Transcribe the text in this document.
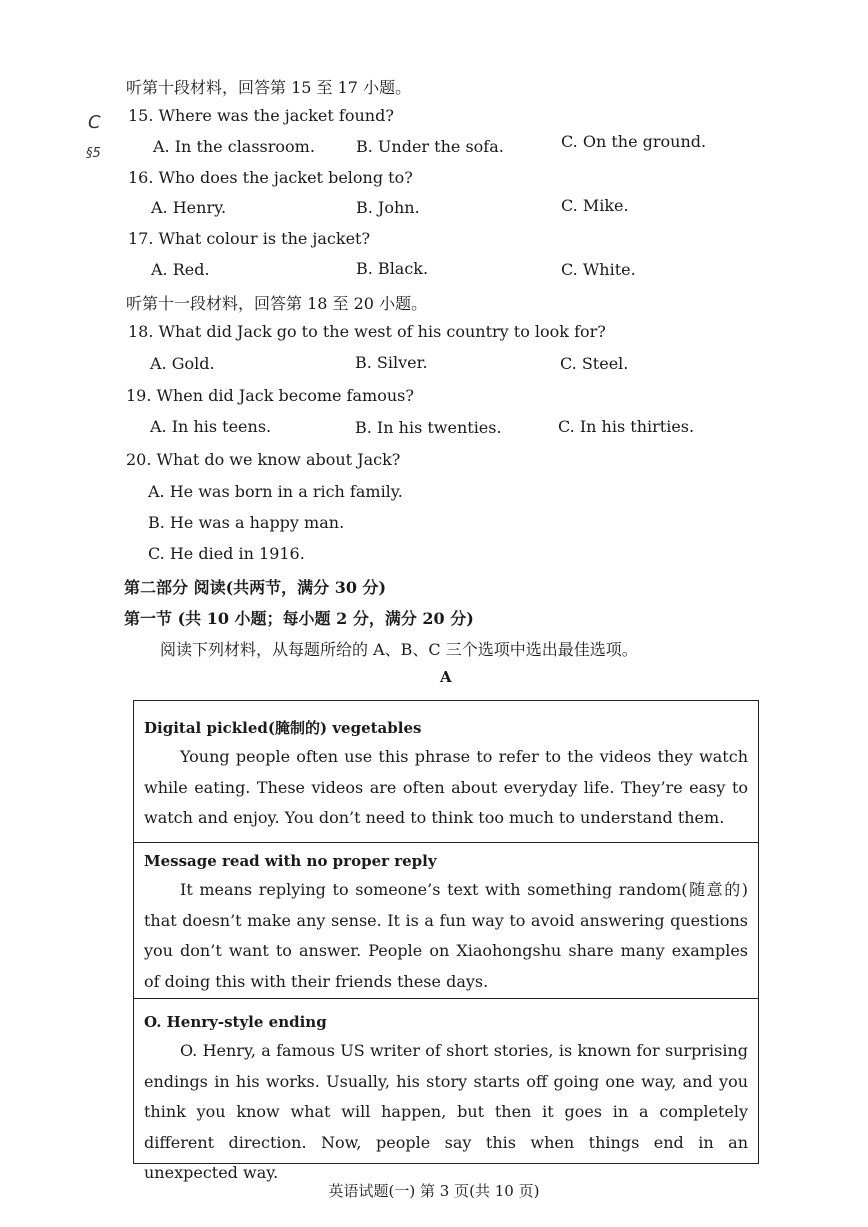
C
§5
听第十段材料，回答第 15 至 17 小题。
15. Where was the jacket found?
A. In the classroom.	B. Under the sofa.	C. On the ground.
16. Who does the jacket belong to?
A. Henry.	B. John.	C. Mike.
17. What colour is the jacket?
A. Red.	B. Black.	C. White.
听第十一段材料，回答第 18 至 20 小题。
18. What did Jack go to the west of his country to look for?
A. Gold.	B. Silver.	C. Steel.
19. When did Jack become famous?
A. In his teens.	B. In his twenties.	C. In his thirties.
20. What do we know about Jack?
A. He was born in a rich family.
B. He was a happy man.
C. He died in 1916.
第二部分 阅读(共两节，满分 30 分)
第一节 (共 10 小题；每小题 2 分，满分 20 分)
阅读下列材料，从每题所给的 A、B、C 三个选项中选出最佳选项。
A
Digital pickled(腌制的) vegetables
Young people often use this phrase to refer to the videos they watch while eating. These videos are often about everyday life. They’re easy to watch and enjoy. You don’t need to think too much to understand them.
Message read with no proper reply
It means replying to someone’s text with something random(随意的) that doesn’t make any sense. It is a fun way to avoid answering questions you don’t want to answer. People on Xiaohongshu share many examples of doing this with their friends these days.
O. Henry-style ending
O. Henry, a famous US writer of short stories, is known for surprising endings in his works. Usually, his story starts off going one way, and you think you know what will happen, but then it goes in a completely different direction. Now, people say this when things end in an unexpected way.
英语试题(一) 第 3 页(共 10 页)
